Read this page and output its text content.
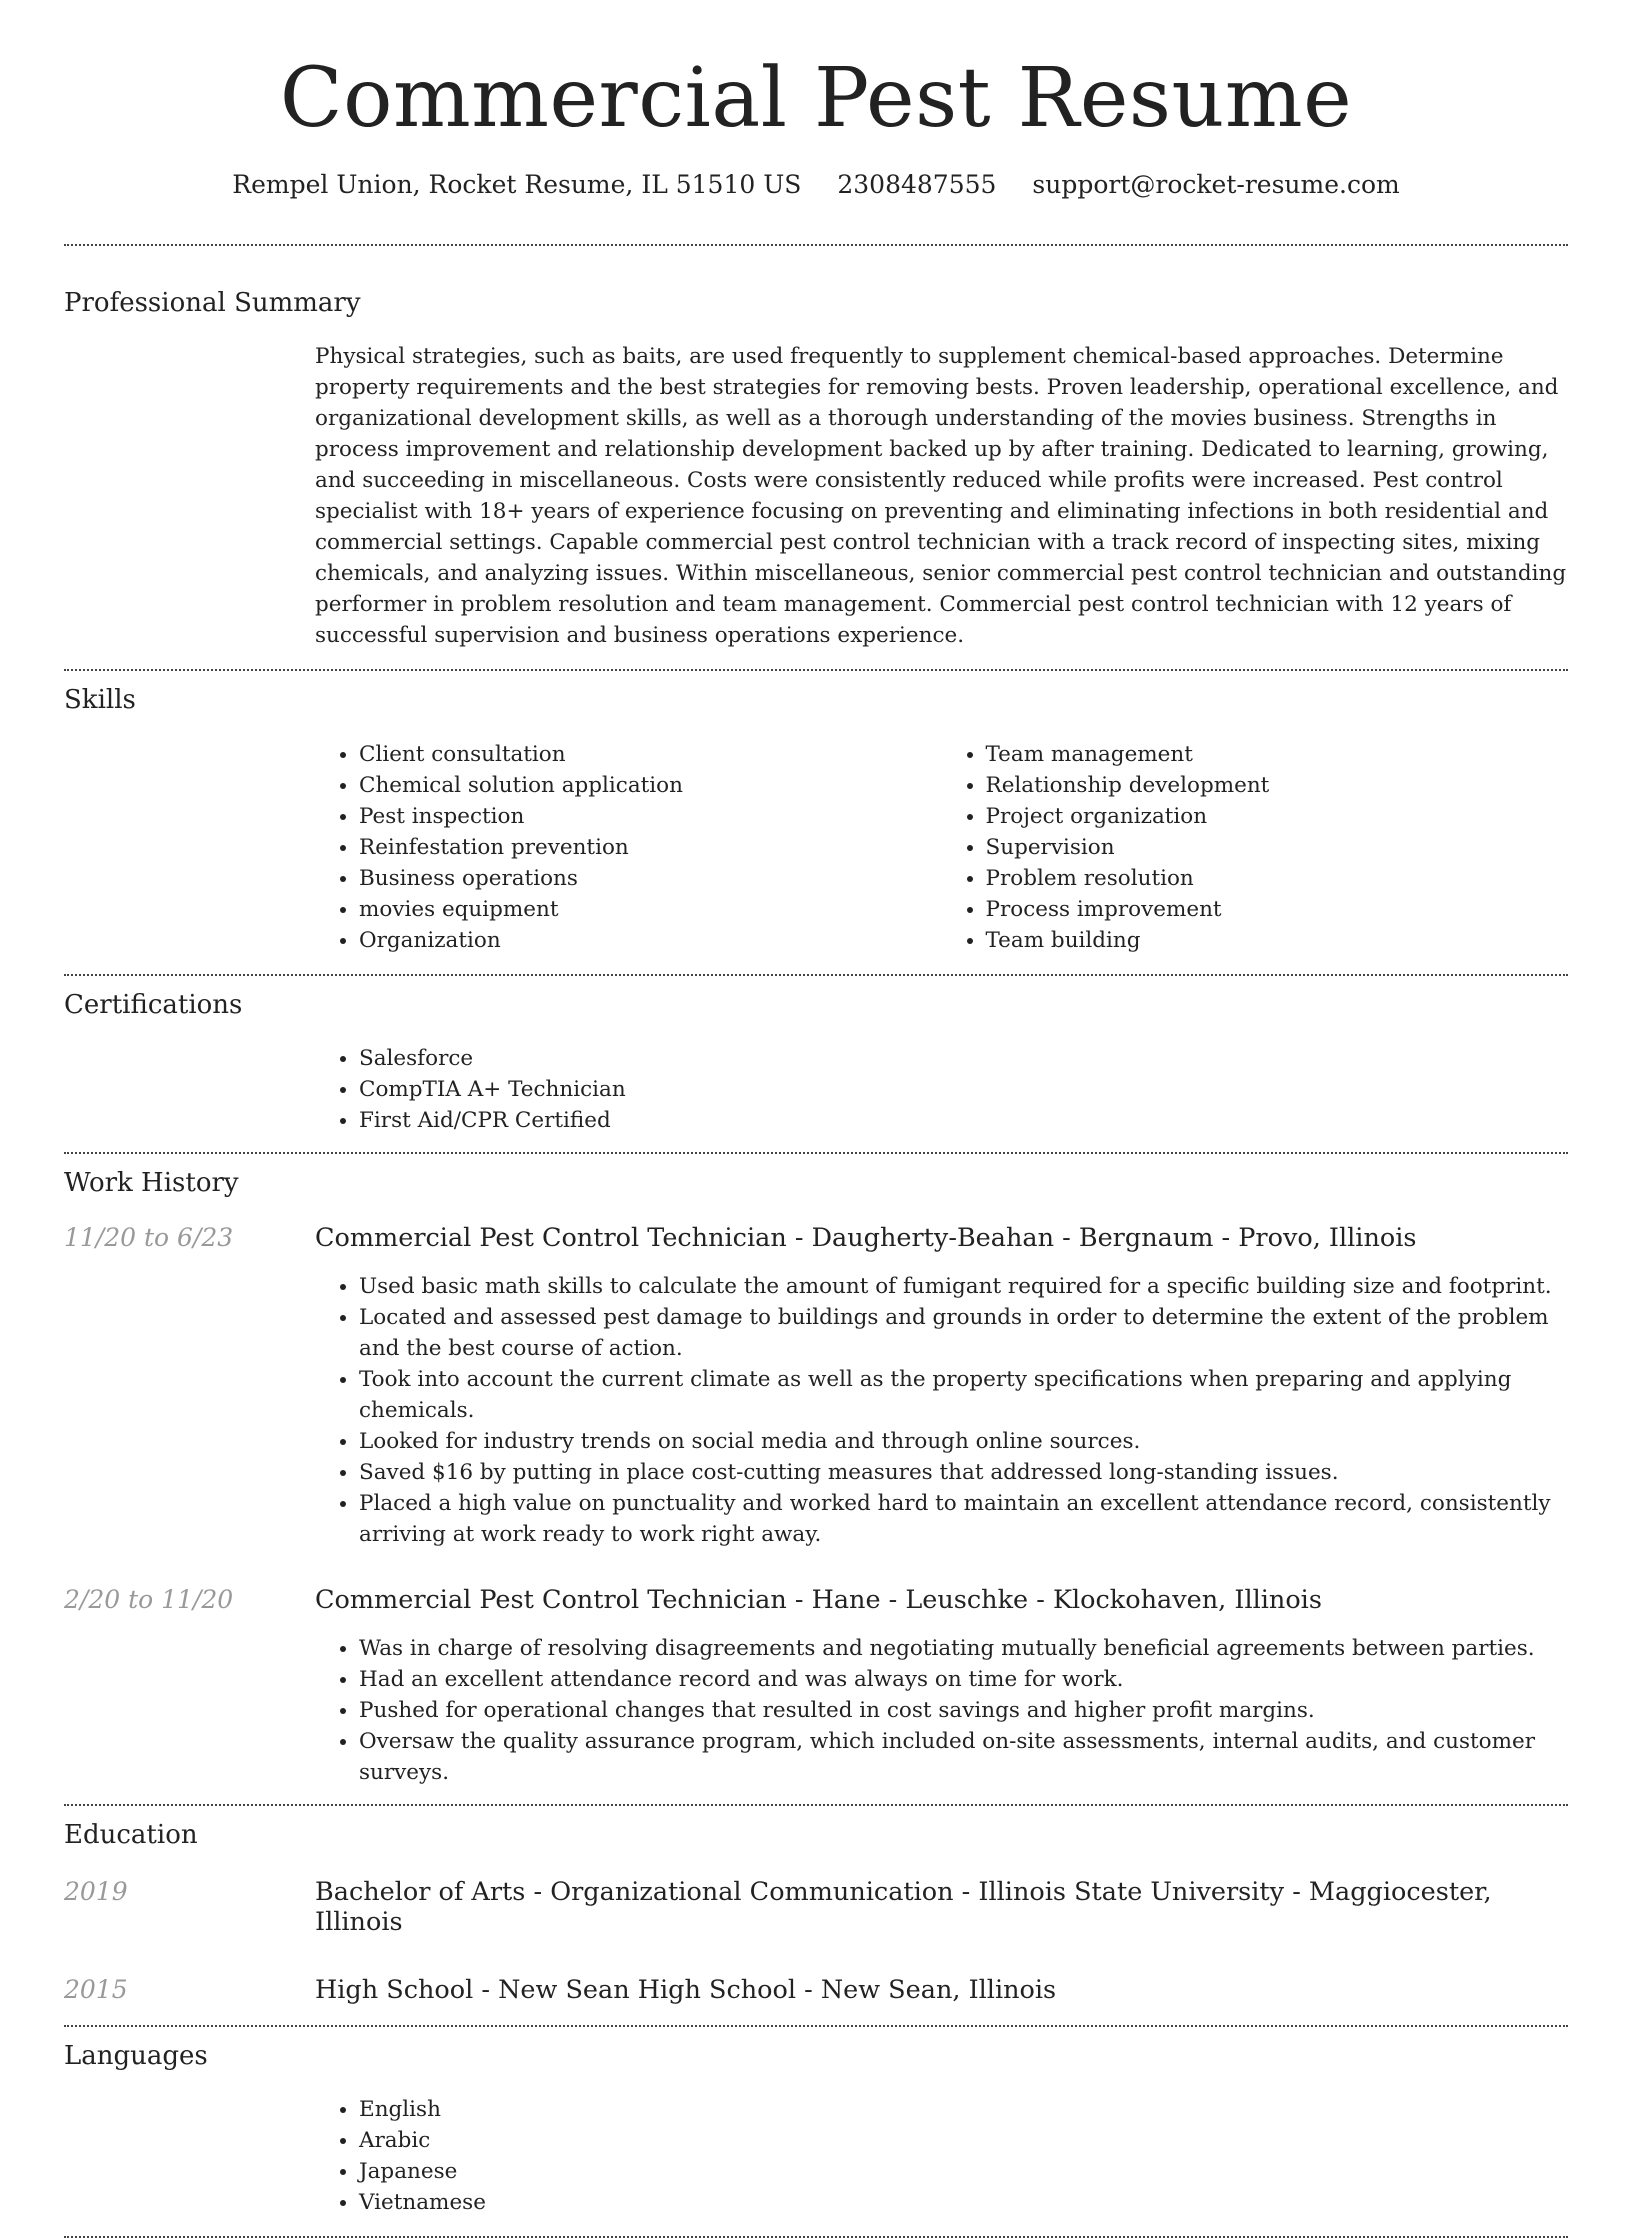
Commercial Pest Resume
Rempel Union, Rocket Resume, IL 51510 US 2308487555 support@rocket-resume.com
Professional Summary

Physical strategies, such as baits, are used frequently to supplement chemical-based approaches. Determine property requirements and the best strategies for removing bests. Proven leadership, operational excellence, and organizational development skills, as well as a thorough understanding of the movies business. Strengths in process improvement and relationship development backed up by after training. Dedicated to learning, growing, and succeeding in miscellaneous. Costs were consistently reduced while profits were increased. Pest control specialist with 18+ years of experience focusing on preventing and eliminating infections in both residential and commercial settings. Capable commercial pest control technician with a track record of inspecting sites, mixing chemicals, and analyzing issues. Within miscellaneous, senior commercial pest control technician and outstanding performer in problem resolution and team management. Commercial pest control technician with 12 years of successful supervision and business operations experience.

Skills
• Client consultation
• Chemical solution application
• Pest inspection
• Reinfestation prevention
• Business operations
• movies equipment
• Organization
• Team management
• Relationship development
• Project organization
• Supervision
• Problem resolution
• Process improvement
• Team building
Certifications
• Salesforce
• CompTIA A+ Technician
• First Aid/CPR Certified
Work History
11/20 to 6/23	Commercial Pest Control Technician - Daugherty-Beahan - Bergnaum - Provo, Illinois
• Used basic math skills to calculate the amount of fumigant required for a specific building size and footprint.
• Located and assessed pest damage to buildings and grounds in order to determine the extent of the problem and the best course of action.
• Took into account the current climate as well as the property specifications when preparing and applying chemicals.
• Looked for industry trends on social media and through online sources.
• Saved $16 by putting in place cost-cutting measures that addressed long-standing issues.
• Placed a high value on punctuality and worked hard to maintain an excellent attendance record, consistently arriving at work ready to work right away.
2/20 to 11/20	Commercial Pest Control Technician - Hane - Leuschke - Klockohaven, Illinois
• Was in charge of resolving disagreements and negotiating mutually beneficial agreements between parties.
• Had an excellent attendance record and was always on time for work.
• Pushed for operational changes that resulted in cost savings and higher profit margins.
• Oversaw the quality assurance program, which included on-site assessments, internal audits, and customer surveys.
Education
2019	Bachelor of Arts - Organizational Communication - Illinois State University - Maggiocester, Illinois
2015	High School - New Sean High School - New Sean, Illinois
Languages
• English
• Arabic
• Japanese
• Vietnamese
